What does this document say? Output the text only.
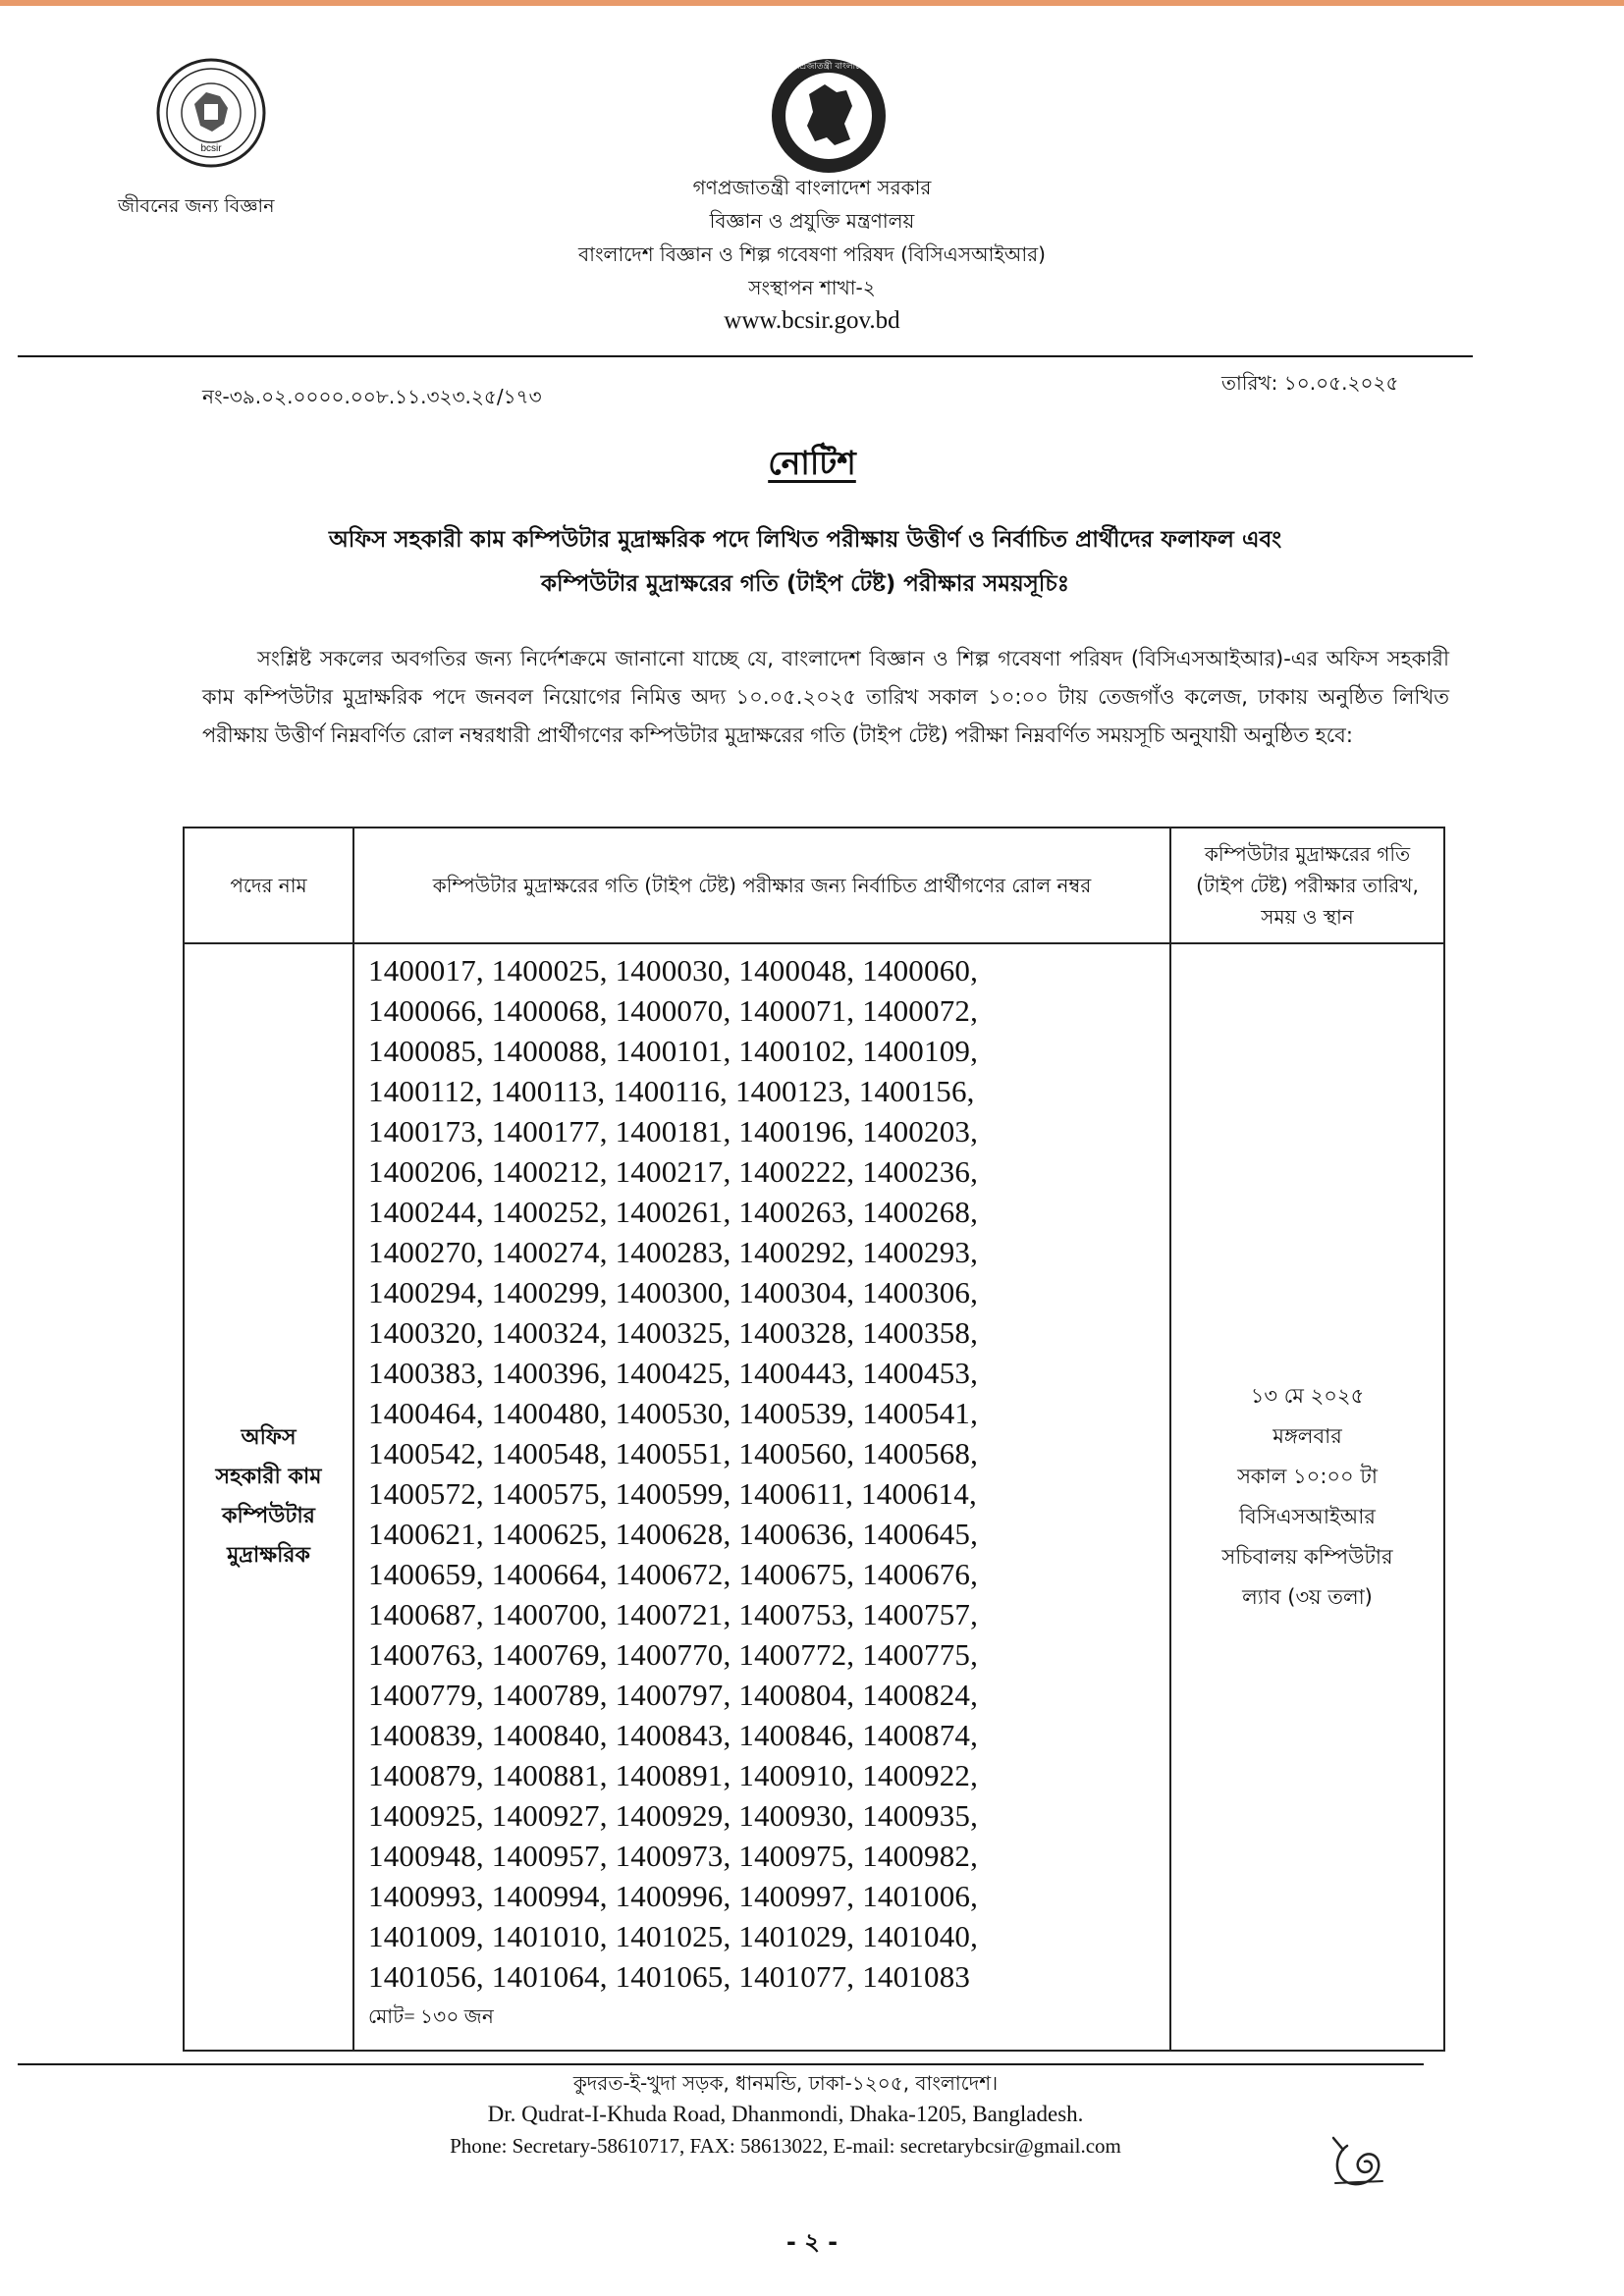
bcsir
গণপ্রজাতন্ত্রী বাংলাদেশ
জীবনের জন্য বিজ্ঞান
গণপ্রজাতন্ত্রী বাংলাদেশ সরকার
বিজ্ঞান ও প্রযুক্তি মন্ত্রণালয়
বাংলাদেশ বিজ্ঞান ও শিল্প গবেষণা পরিষদ (বিসিএসআইআর)
সংস্থাপন শাখা-২
www.bcsir.gov.bd
নং-৩৯.০২.০০০০.০০৮.১১.৩২৩.২৫/১৭৩
তারিখ: ১০.০৫.২০২৫
নোটিশ
অফিস সহকারী কাম কম্পিউটার মুদ্রাক্ষরিক পদে লিখিত পরীক্ষায় উত্তীর্ণ ও নির্বাচিত প্রার্থীদের ফলাফল এবং
কম্পিউটার মুদ্রাক্ষরের গতি (টাইপ টেষ্ট) পরীক্ষার সময়সূচিঃ
সংশ্লিষ্ট সকলের অবগতির জন্য নির্দেশক্রমে জানানো যাচ্ছে যে, বাংলাদেশ বিজ্ঞান ও শিল্প গবেষণা পরিষদ (বিসিএসআইআর)-এর অফিস সহকারী কাম কম্পিউটার মুদ্রাক্ষরিক পদে জনবল নিয়োগের নিমিত্ত অদ্য ১০.০৫.২০২৫ তারিখ সকাল ১০:০০ টায় তেজগাঁও কলেজ, ঢাকায় অনুষ্ঠিত লিখিত পরীক্ষায় উত্তীর্ণ নিম্নবর্ণিত রোল নম্বরধারী প্রার্থীগণের কম্পিউটার মুদ্রাক্ষরের গতি (টাইপ টেষ্ট) পরীক্ষা নিম্নবর্ণিত সময়সূচি অনুযায়ী অনুষ্ঠিত হবে:
পদের নাম	কম্পিউটার মুদ্রাক্ষরের গতি (টাইপ টেষ্ট) পরীক্ষার জন্য নির্বাচিত প্রার্থীগণের রোল নম্বর
কম্পিউটার মুদ্রাক্ষরের গতি (টাইপ টেষ্ট) পরীক্ষার তারিখ, সময় ও স্থান
অফিস
সহকারী কাম
কম্পিউটার
মুদ্রাক্ষরিক
1400017, 1400025, 1400030, 1400048, 1400060,
1400066, 1400068, 1400070, 1400071, 1400072,
1400085, 1400088, 1400101, 1400102, 1400109,
1400112, 1400113, 1400116, 1400123, 1400156,
1400173, 1400177, 1400181, 1400196, 1400203,
1400206, 1400212, 1400217, 1400222, 1400236,
1400244, 1400252, 1400261, 1400263, 1400268,
1400270, 1400274, 1400283, 1400292, 1400293,
1400294, 1400299, 1400300, 1400304, 1400306,
1400320, 1400324, 1400325, 1400328, 1400358,
1400383, 1400396, 1400425, 1400443, 1400453,
1400464, 1400480, 1400530, 1400539, 1400541,
1400542, 1400548, 1400551, 1400560, 1400568,
1400572, 1400575, 1400599, 1400611, 1400614,
1400621, 1400625, 1400628, 1400636, 1400645,
1400659, 1400664, 1400672, 1400675, 1400676,
1400687, 1400700, 1400721, 1400753, 1400757,
1400763, 1400769, 1400770, 1400772, 1400775,
1400779, 1400789, 1400797, 1400804, 1400824,
1400839, 1400840, 1400843, 1400846, 1400874,
1400879, 1400881, 1400891, 1400910, 1400922,
1400925, 1400927, 1400929, 1400930, 1400935,
1400948, 1400957, 1400973, 1400975, 1400982,
1400993, 1400994, 1400996, 1400997, 1401006,
1401009, 1401010, 1401025, 1401029, 1401040,
1401056, 1401064, 1401065, 1401077, 1401083
মোট= ১৩০ জন
১৩ মে ২০২৫
মঙ্গলবার
সকাল ১০:০০ টা
বিসিএসআইআর
সচিবালয় কম্পিউটার
ল্যাব (৩য় তলা)
কুদরত-ই-খুদা সড়ক, ধানমন্ডি, ঢাকা-১২০৫, বাংলাদেশ।
Dr. Qudrat-I-Khuda Road, Dhanmondi, Dhaka-1205, Bangladesh.
Phone: Secretary-58610717, FAX: 58613022, E-mail: secretarybcsir@gmail.com
- ২ -
